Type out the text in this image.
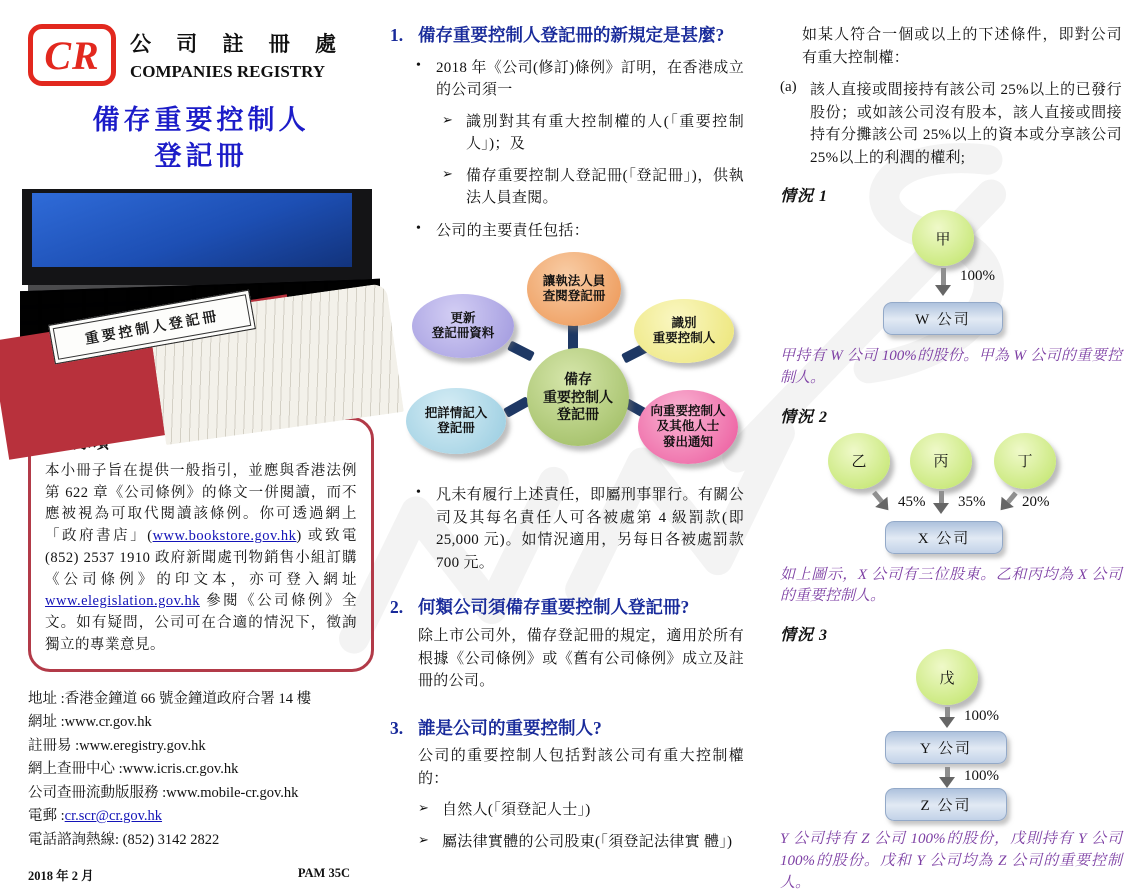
CR 公 司 註 冊 處
COMPANIES REGISTRY
備存重要控制人
登記冊
重要控制人登記冊
本小冊子旨在提供一般指引，並應與香港法例第 622 章《公司條例》的條文一併閱讀，而不應被視為可取代閱讀該條例。你可透過網上「政府書店」(www.bookstore.gov.hk) 或致電 (852) 2537 1910 政府新聞處刊物銷售小組訂購《公司條例》的印文本，亦可登入網址 www.elegislation.gov.hk 參閱《公司條例》全文。如有疑問，公司可在合適的情況下，徵詢獨立的專業意見。
地址 :香港金鐘道 66 號金鐘道政府合署 14 樓
網址 :www.cr.gov.hk
註冊易 :www.eregistry.gov.hk
網上查冊中心 :www.icris.cr.gov.hk
公司查冊流動版服務 :www.mobile-cr.gov.hk
電郵 :cr.scr@cr.gov.hk
電話諮詢熱線: (852) 3142 2822
2018 年 2 月	PAM 35C
1. 備存重要控制人登記冊的新規定是甚麼?
•	2018 年《公司(修訂)條例》訂明，在香港成立的公司須一
➢ 識別對其有重大控制權的人(「重要控制人」)；及
➢ 備存重要控制人登記冊(「登記冊」)，供執法人員查閱。
•	公司的主要責任包括：
讓執法人員
查閱登記冊
更新
登記冊資料
識別
重要控制人
備存
重要控制人
登記冊
把詳情記入
登記冊
向重要控制人
及其他人士
發出通知
•	凡未有履行上述責任，即屬刑事罪行。有關公司及其每名責任人可各被處第 4 級罰款(即 25,000 元)。如情況適用，另每日各被處罰款 700 元。
2. 何類公司須備存重要控制人登記冊?
除上市公司外，備存登記冊的規定，適用於所有根據《公司條例》或《舊有公司條例》成立及註冊的公司。
3. 誰是公司的重要控制人?
公司的重要控制人包括對該公司有重大控制權的：
➢ 自然人(「須登記人士」)
➢ 屬法律實體的公司股東(「須登記法律實 體」)
如某人符合一個或以上的下述條件，即對公司有重大控制權：
(a) 該人直接或間接持有該公司 25%以上的已發行股份；或如該公司沒有股本，該人直接或間接持有分攤該公司 25%以上的資本或分享該公司 25%以上的利潤的權利;
情況 1
甲
100%
W 公司
甲持有 W 公司 100%的股份。甲為 W 公司的重要控制人。
情況 2
乙	丙	丁
45% 35% 20%
X 公司
如上圖示，X 公司有三位股東。乙和丙均為 X 公司的重要控制人。
情況 3
戊
100%
Y 公司
100%
Z 公司
Y 公司持有 Z 公司 100%的股份，戊則持有 Y 公司 100%的股份。戊和 Y 公司均為 Z 公司的重要控制人。
